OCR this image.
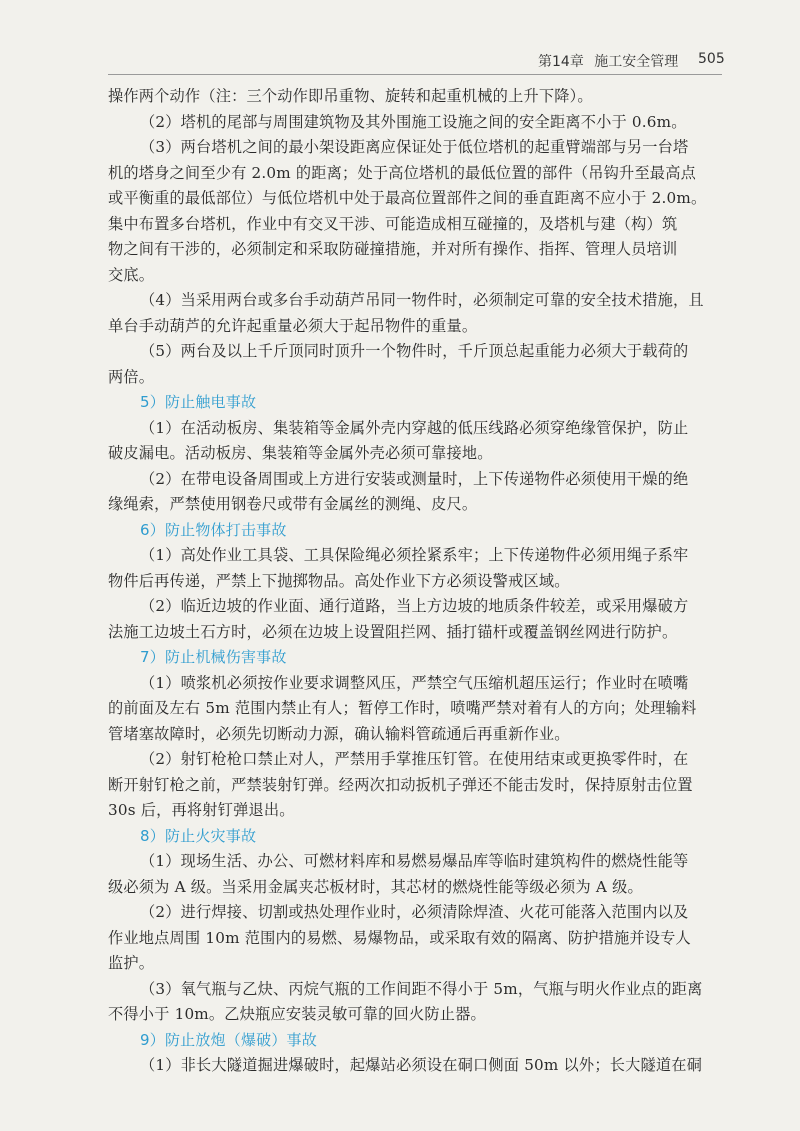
第14章 施工安全管理	505
操作两个动作（注：三个动作即吊重物、旋转和起重机械的上升下降）。
（2）塔机的尾部与周围建筑物及其外围施工设施之间的安全距离不小于 0.6m。
（3）两台塔机之间的最小架设距离应保证处于低位塔机的起重臂端部与另一台塔
机的塔身之间至少有 2.0m 的距离；处于高位塔机的最低位置的部件（吊钩升至最高点
或平衡重的最低部位）与低位塔机中处于最高位置部件之间的垂直距离不应小于 2.0m。
集中布置多台塔机，作业中有交叉干涉、可能造成相互碰撞的，及塔机与建（构）筑
物之间有干涉的，必须制定和采取防碰撞措施，并对所有操作、指挥、管理人员培训
交底。
（4）当采用两台或多台手动葫芦吊同一物件时，必须制定可靠的安全技术措施，且
单台手动葫芦的允许起重量必须大于起吊物件的重量。
（5）两台及以上千斤顶同时顶升一个物件时，千斤顶总起重能力必须大于载荷的
两倍。
5）防止触电事故
（1）在活动板房、集装箱等金属外壳内穿越的低压线路必须穿绝缘管保护，防止
破皮漏电。活动板房、集装箱等金属外壳必须可靠接地。
（2）在带电设备周围或上方进行安装或测量时，上下传递物件必须使用干燥的绝
缘绳索，严禁使用钢卷尺或带有金属丝的测绳、皮尺。
6）防止物体打击事故
（1）高处作业工具袋、工具保险绳必须拴紧系牢；上下传递物件必须用绳子系牢
物件后再传递，严禁上下抛掷物品。高处作业下方必须设警戒区域。
（2）临近边坡的作业面、通行道路，当上方边坡的地质条件较差，或采用爆破方
法施工边坡土石方时，必须在边坡上设置阻拦网、插打锚杆或覆盖钢丝网进行防护。
7）防止机械伤害事故
（1）喷浆机必须按作业要求调整风压，严禁空气压缩机超压运行；作业时在喷嘴
的前面及左右 5m 范围内禁止有人；暂停工作时，喷嘴严禁对着有人的方向；处理输料
管堵塞故障时，必须先切断动力源，确认输料管疏通后再重新作业。
（2）射钉枪枪口禁止对人，严禁用手掌推压钉管。在使用结束或更换零件时，在
断开射钉枪之前，严禁装射钉弹。经两次扣动扳机子弹还不能击发时，保持原射击位置
30s 后，再将射钉弹退出。
8）防止火灾事故
（1）现场生活、办公、可燃材料库和易燃易爆品库等临时建筑构件的燃烧性能等
级必须为 A 级。当采用金属夹芯板材时，其芯材的燃烧性能等级必须为 A 级。
（2）进行焊接、切割或热处理作业时，必须清除焊渣、火花可能落入范围内以及
作业地点周围 10m 范围内的易燃、易爆物品，或采取有效的隔离、防护措施并设专人
监护。
（3）氧气瓶与乙炔、丙烷气瓶的工作间距不得小于 5m，气瓶与明火作业点的距离
不得小于 10m。乙炔瓶应安装灵敏可靠的回火防止器。
9）防止放炮（爆破）事故
（1）非长大隧道掘进爆破时，起爆站必须设在硐口侧面 50m 以外；长大隧道在硐
